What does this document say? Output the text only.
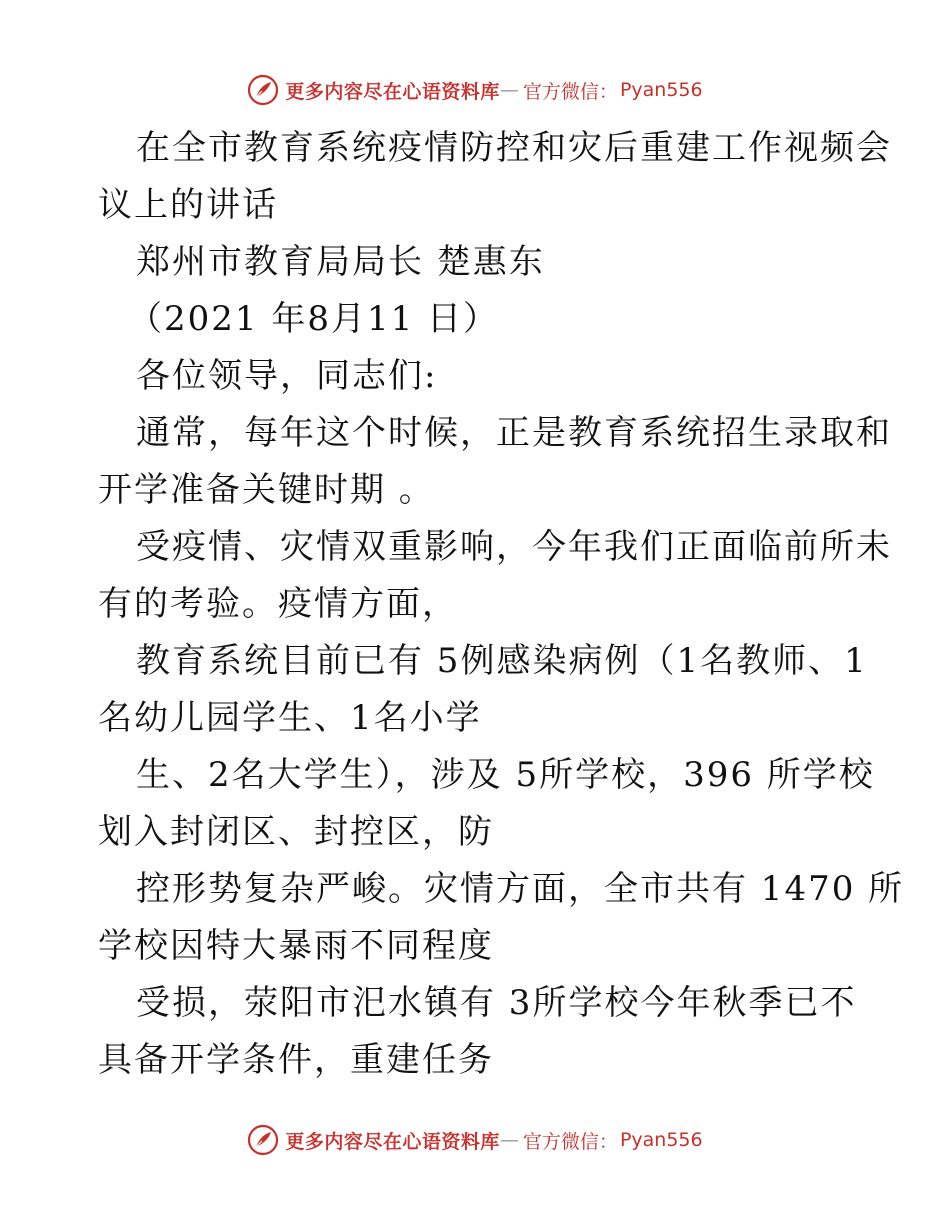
更多内容尽在心语资料库 — 官方微信： Pyan556

在全市教育系统疫情防控和灾后重建工作视频会

议上的讲话

郑州市教育局局长 楚惠东

（2021 年8月11 日）

各位领导，同志们:

通常，每年这个时候，正是教育系统招生录取和

开学准备关键时期 。

受疫情、灾情双重影响，今年我们正面临前所未

有的考验。疫情方面，

教育系统目前已有 5例感染病例（1名教师、1

名幼儿园学生、1名小学

生、2名大学生），涉及 5所学校，396 所学校

划入封闭区、封控区，防

控形势复杂严峻。灾情方面，全市共有 1470 所

学校因特大暴雨不同程度

受损，荥阳市汜水镇有 3所学校今年秋季已不

具备开学条件，重建任务

更多内容尽在心语资料库 — 官方微信： Pyan556
